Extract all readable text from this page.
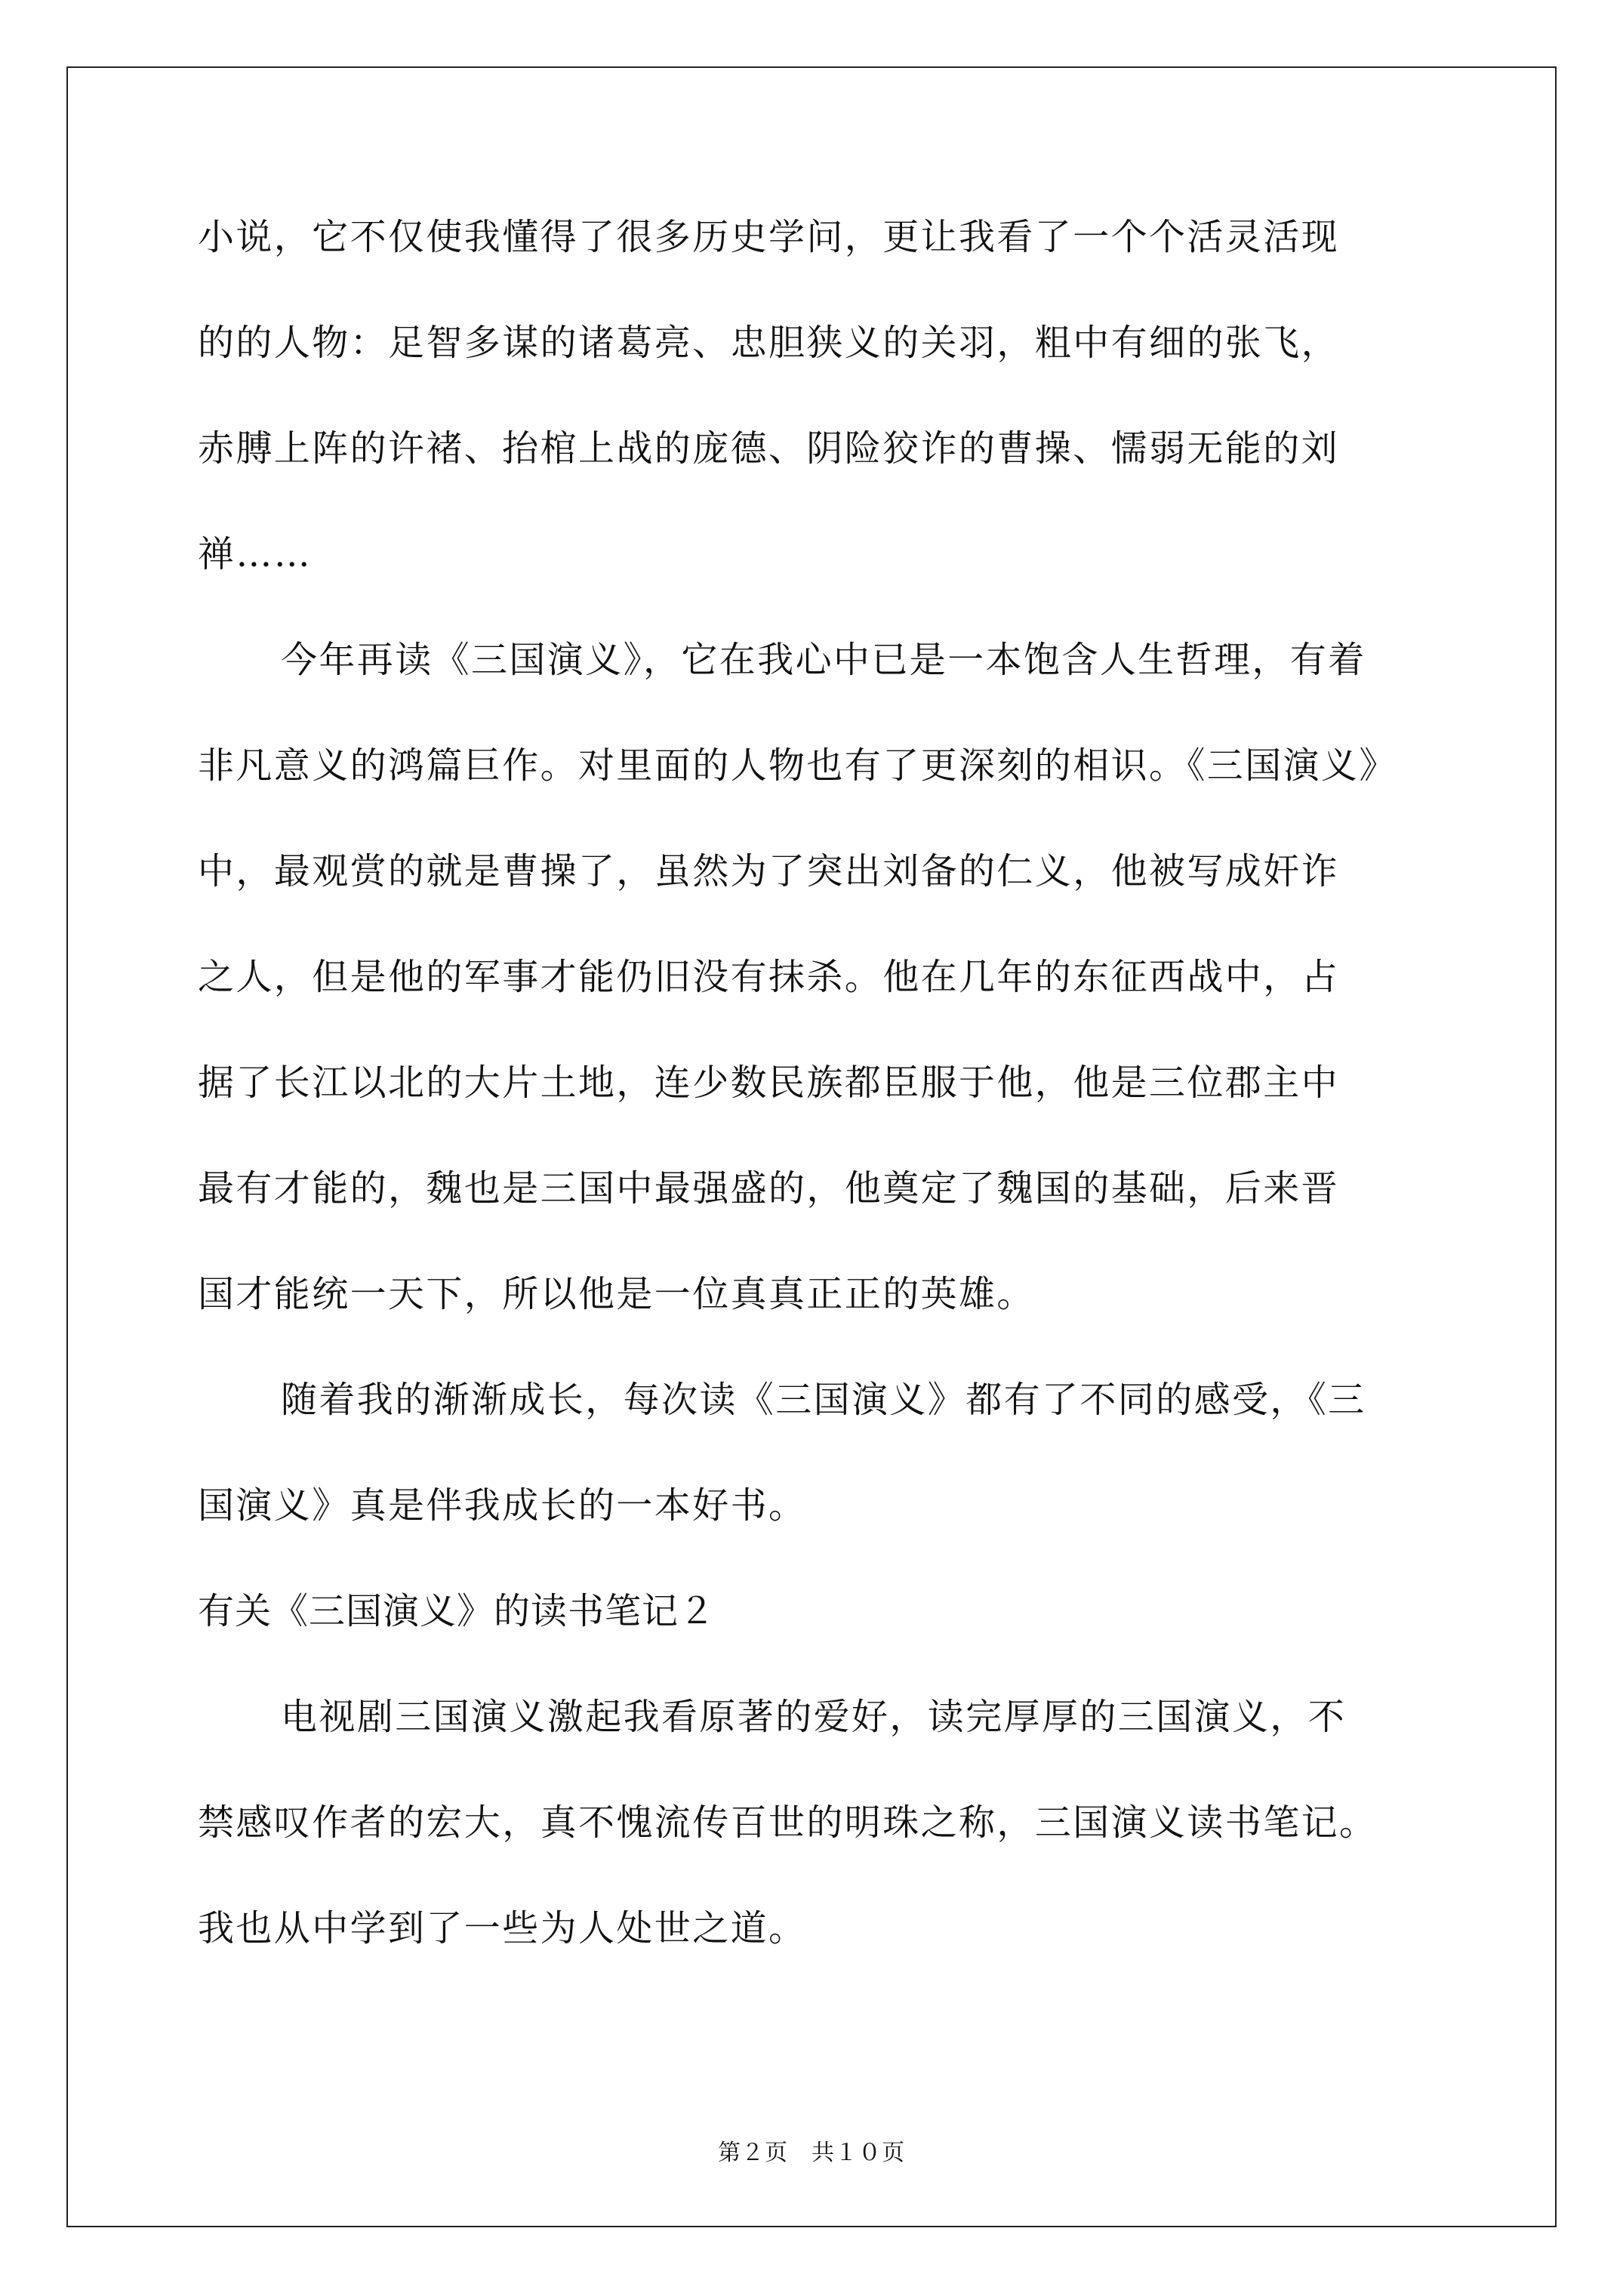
小说，它不仅使我懂得了很多历史学问，更让我看了一个个活灵活现
的的人物：足智多谋的诸葛亮、忠胆狭义的关羽，粗中有细的张飞，
赤膊上阵的许褚、抬棺上战的庞德、阴险狡诈的曹操、懦弱无能的刘
禅……
今年再读《三国演义》，它在我心中已是一本饱含人生哲理，有着
非凡意义的鸿篇巨作。对里面的人物也有了更深刻的相识。《三国演义》
中，最观赏的就是曹操了，虽然为了突出刘备的仁义，他被写成奸诈
之人，但是他的军事才能仍旧没有抹杀。他在几年的东征西战中，占
据了长江以北的大片土地，连少数民族都臣服于他，他是三位郡主中
最有才能的，魏也是三国中最强盛的，他奠定了魏国的基础，后来晋
国才能统一天下，所以他是一位真真正正的英雄。
随着我的渐渐成长，每次读《三国演义》都有了不同的感受，《三
国演义》真是伴我成长的一本好书。
有关《三国演义》的读书笔记２
电视剧三国演义激起我看原著的爱好，读完厚厚的三国演义，不
禁感叹作者的宏大，真不愧流传百世的明珠之称，三国演义读书笔记。
我也从中学到了一些为人处世之道。
第２页　共１０页
